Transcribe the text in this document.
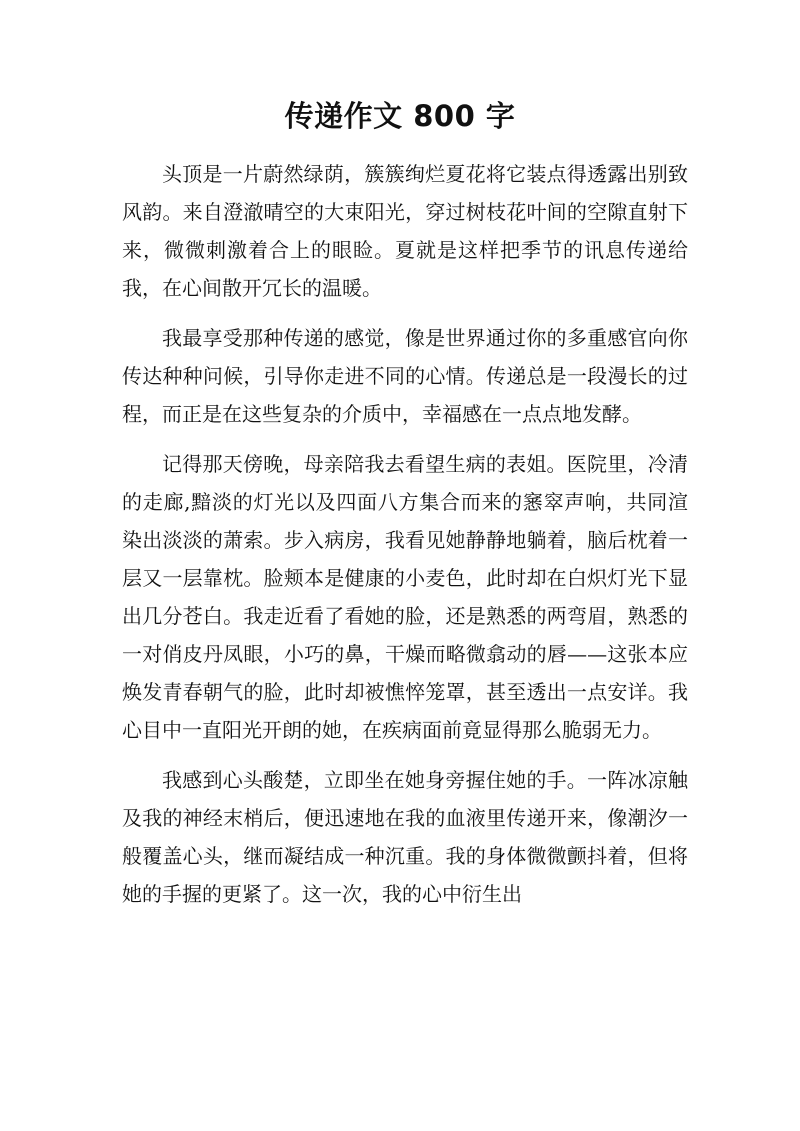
传递作文 800 字

头顶是一片蔚然绿荫，簇簇绚烂夏花将它装点得透露出别致风韵。来自澄澈晴空的大束阳光，穿过树枝花叶间的空隙直射下来，微微刺激着合上的眼睑。夏就是这样把季节的讯息传递给我，在心间散开冗长的温暖。

我最享受那种传递的感觉，像是世界通过你的多重感官向你传达种种问候，引导你走进不同的心情。传递总是一段漫长的过程，而正是在这些复杂的介质中，幸福感在一点点地发酵。

记得那天傍晚，母亲陪我去看望生病的表姐。医院里，冷清的走廊,黯淡的灯光以及四面八方集合而来的窸窣声响，共同渲染出淡淡的萧索。步入病房，我看见她静静地躺着，脑后枕着一层又一层靠枕。脸颊本是健康的小麦色，此时却在白炽灯光下显出几分苍白。我走近看了看她的脸，还是熟悉的两弯眉，熟悉的一对俏皮丹凤眼，小巧的鼻，干燥而略微翕动的唇——这张本应焕发青春朝气的脸，此时却被憔悴笼罩，甚至透出一点安详。我心目中一直阳光开朗的她，在疾病面前竟显得那么脆弱无力。

我感到心头酸楚，立即坐在她身旁握住她的手。一阵冰凉触及我的神经末梢后，便迅速地在我的血液里传递开来，像潮汐一般覆盖心头，继而凝结成一种沉重。我的身体微微颤抖着，但将她的手握的更紧了。这一次，我的心中衍生出
